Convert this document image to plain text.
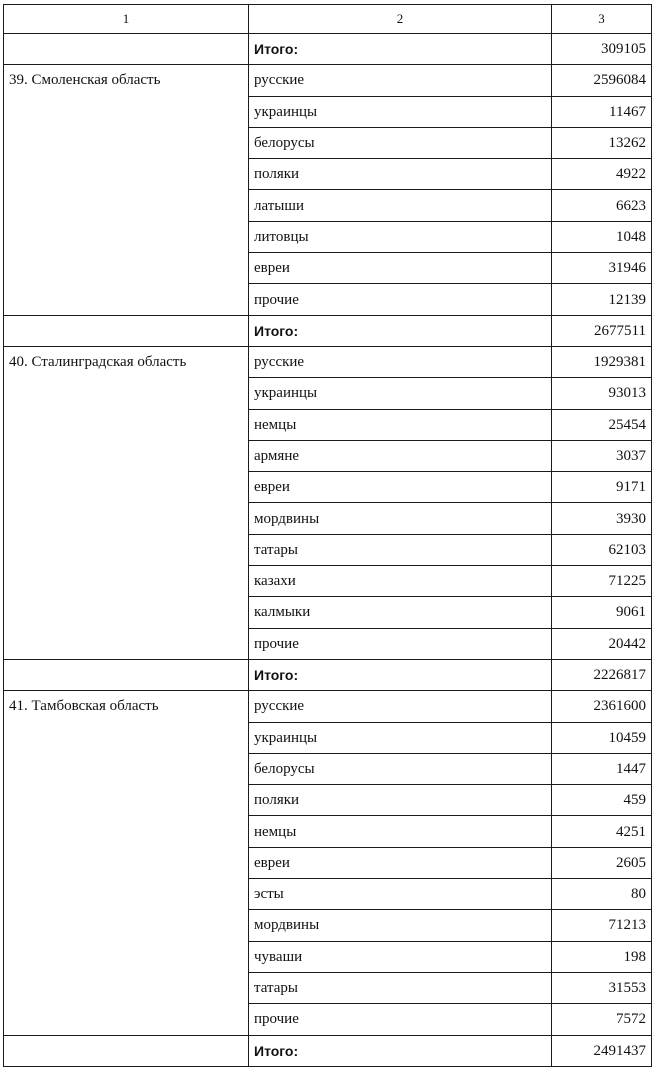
1	2	3
	Итого:	309105
39. Смоленская область	русские	2596084
	украинцы	11467
	белорусы	13262
	поляки	4922
	латыши	6623
	литовцы	1048
	евреи	31946
	прочие	12139
	Итого:	2677511
40. Сталинградская область	русские	1929381
	украинцы	93013
	немцы	25454
	армяне	3037
	евреи	9171
	мордвины	3930
	татары	62103
	казахи	71225
	калмыки	9061
	прочие	20442
	Итого:	2226817
41. Тамбовская область	русские	2361600
	украинцы	10459
	белорусы	1447
	поляки	459
	немцы	4251
	евреи	2605
	эсты	80
	мордвины	71213
	чуваши	198
	татары	31553
	прочие	7572
	Итого:	2491437
